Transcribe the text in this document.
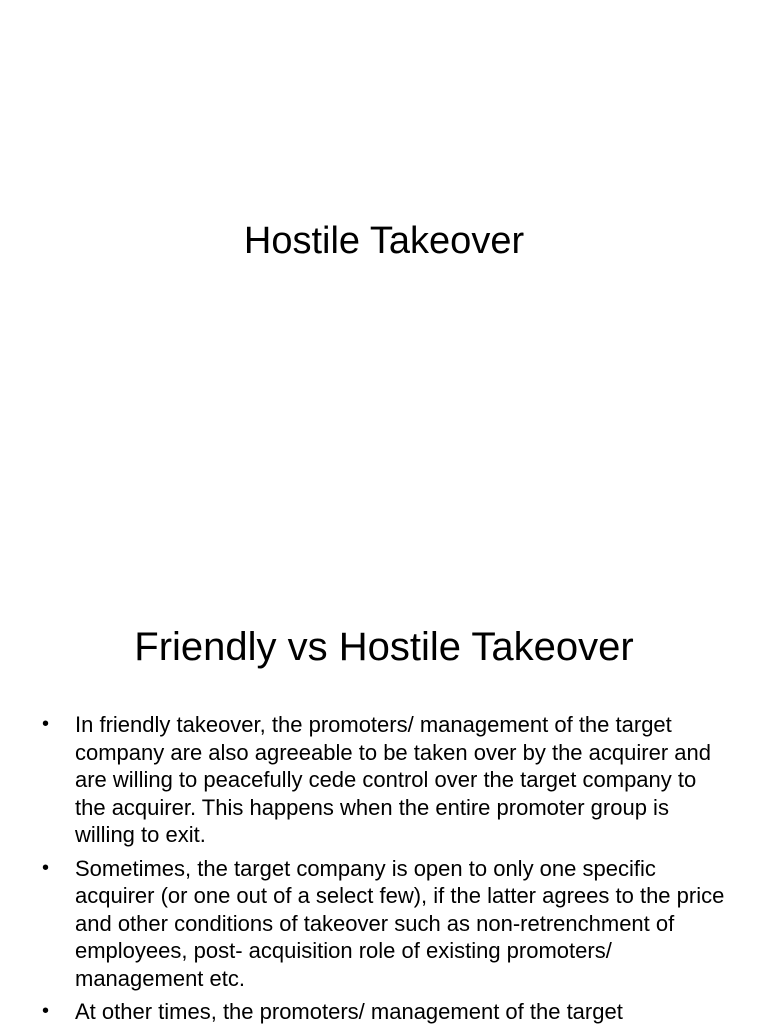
Hostile Takeover
Friendly vs Hostile Takeover
• In friendly takeover, the promoters/ management of the target company are also agreeable to be taken over by the acquirer and are willing to peacefully cede control over the target company to the acquirer. This happens when the entire promoter group is willing to exit.
• Sometimes, the target company is open to only one specific acquirer (or one out of a select few), if the latter agrees to the price and other conditions of takeover such as non-retrenchment of employees, post- acquisition role of existing promoters/ management etc.
• At other times, the promoters/ management of the target
